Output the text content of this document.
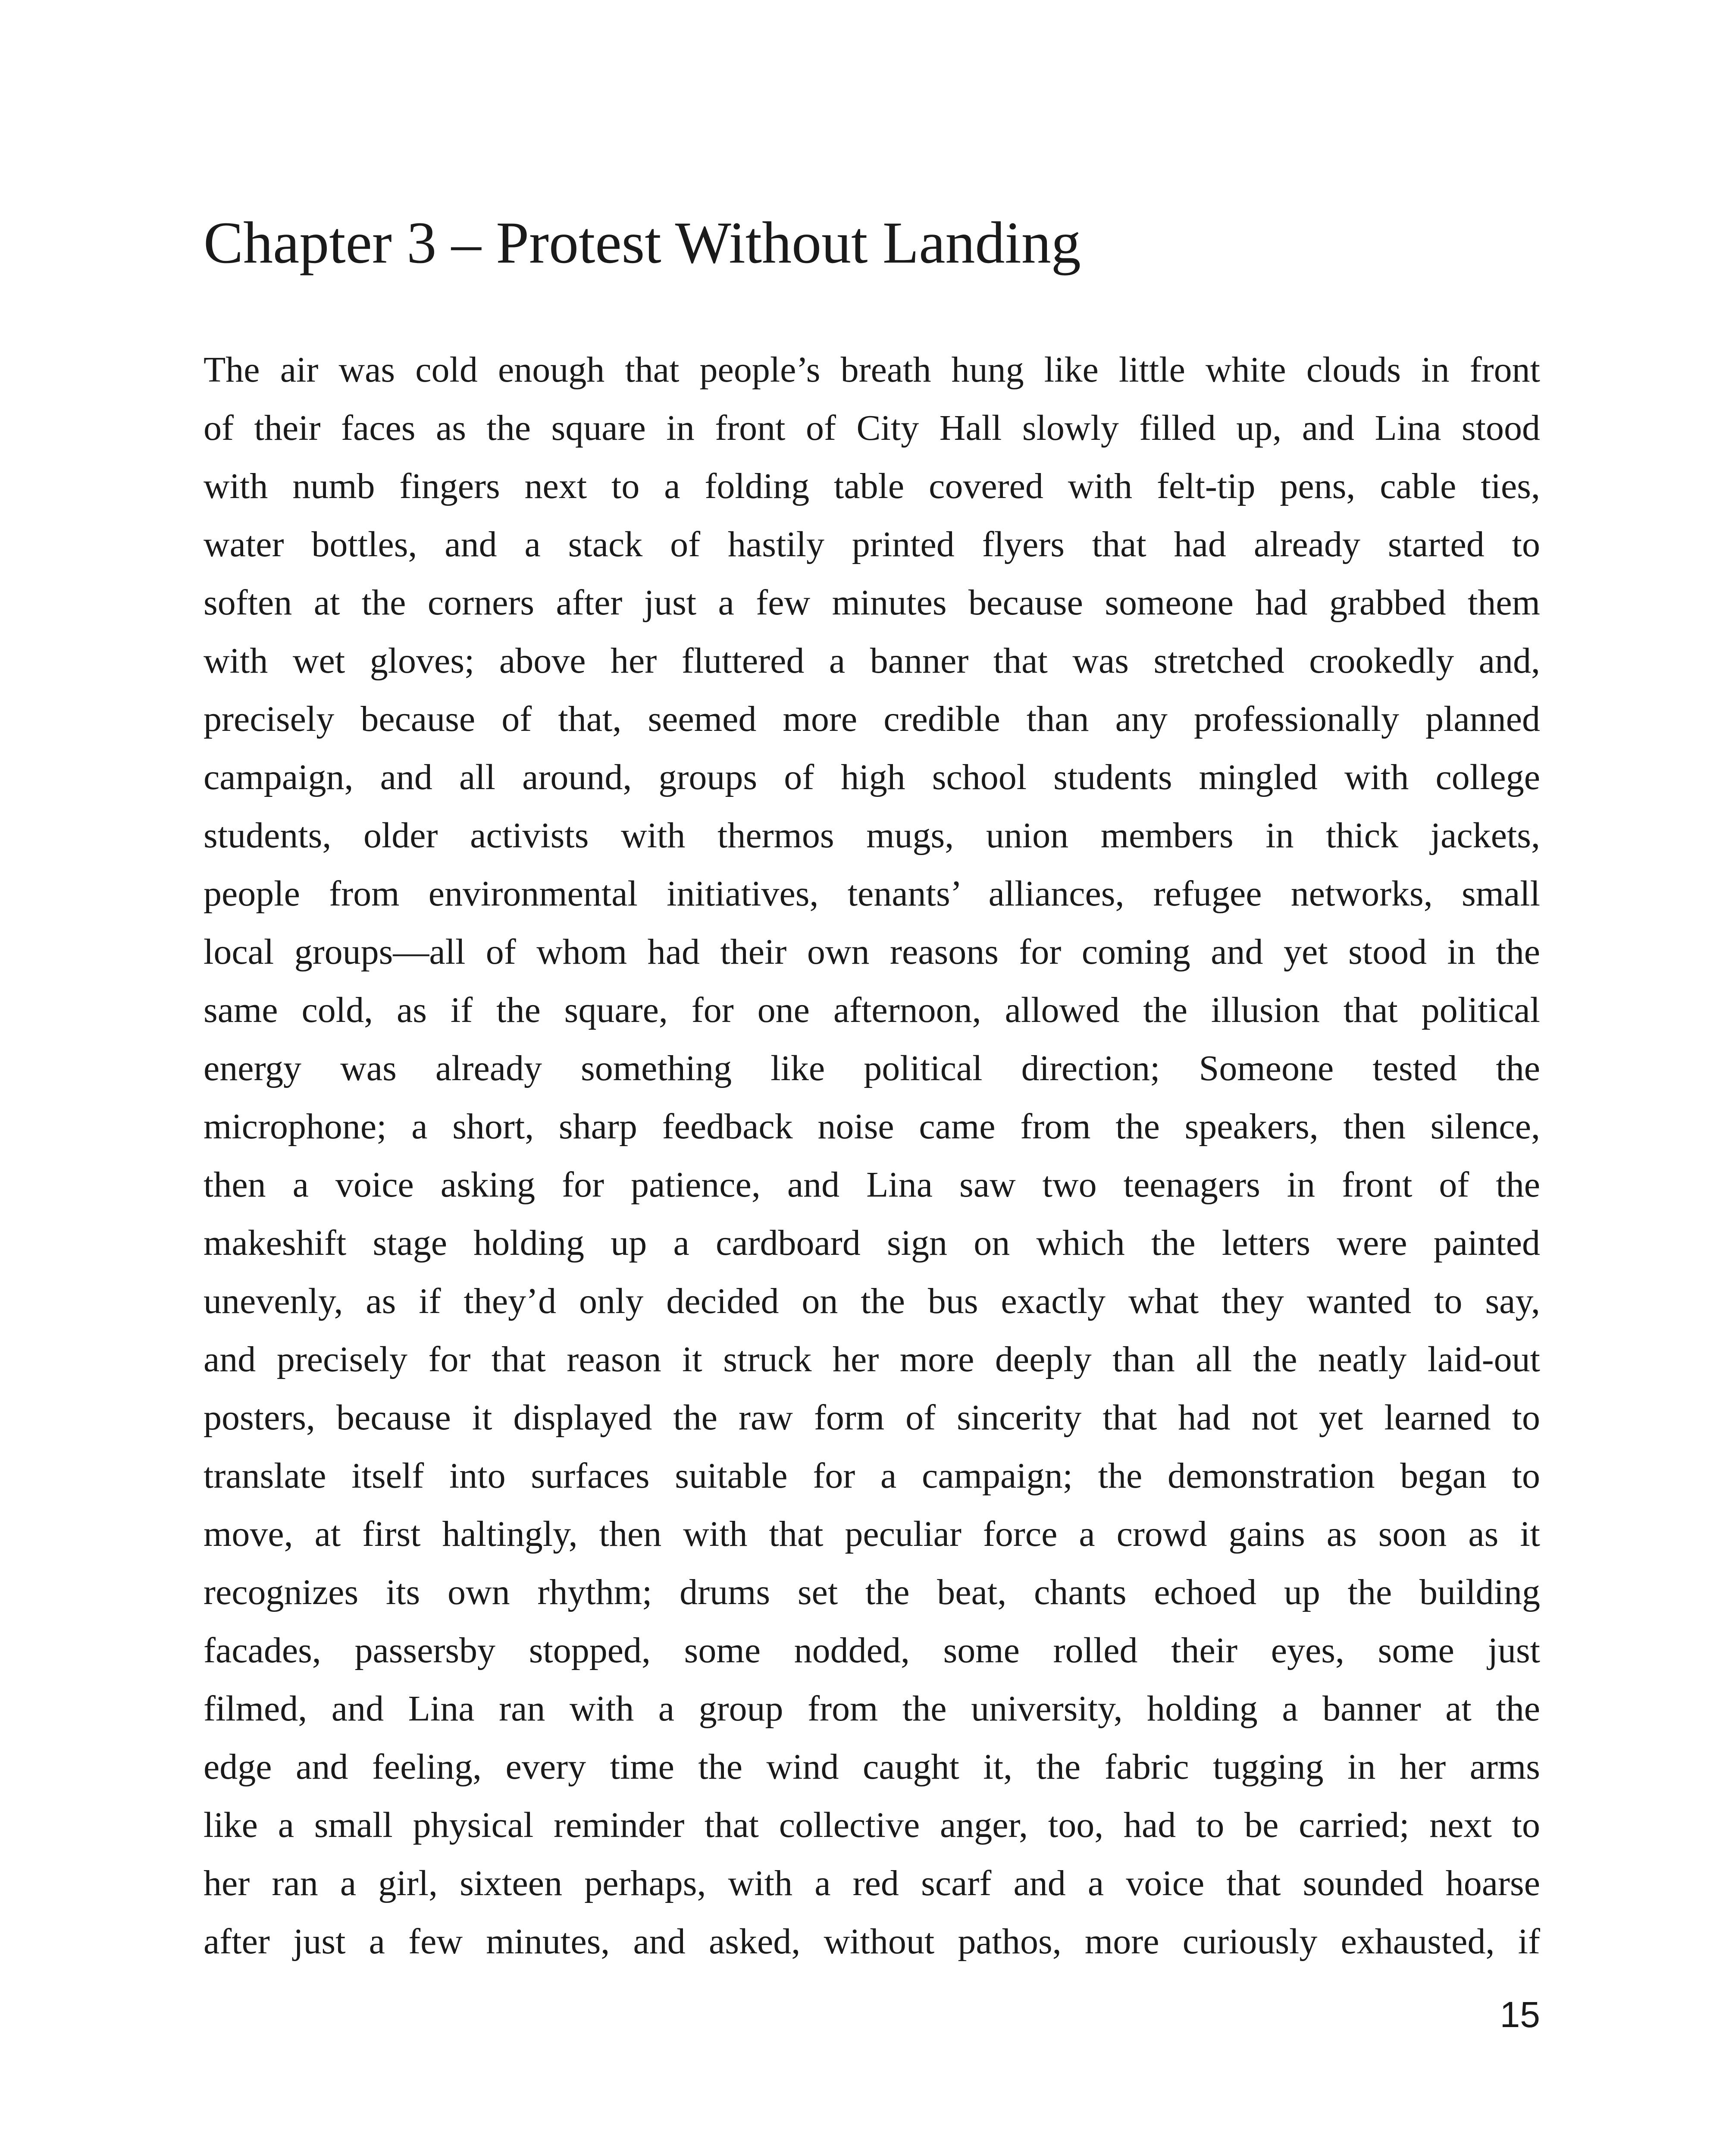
Chapter 3 – Protest Without Landing
The air was cold enough that people’s breath hung like little white clouds in front
of their faces as the square in front of City Hall slowly filled up, and Lina stood
with numb fingers next to a folding table covered with felt-tip pens, cable ties,
water bottles, and a stack of hastily printed flyers that had already started to
soften at the corners after just a few minutes because someone had grabbed them
with wet gloves; above her fluttered a banner that was stretched crookedly and,
precisely because of that, seemed more credible than any professionally planned
campaign, and all around, groups of high school students mingled with college
students, older activists with thermos mugs, union members in thick jackets,
people from environmental initiatives, tenants’ alliances, refugee networks, small
local groups—all of whom had their own reasons for coming and yet stood in the
same cold, as if the square, for one afternoon, allowed the illusion that political
energy was already something like political direction; Someone tested the
microphone; a short, sharp feedback noise came from the speakers, then silence,
then a voice asking for patience, and Lina saw two teenagers in front of the
makeshift stage holding up a cardboard sign on which the letters were painted
unevenly, as if they’d only decided on the bus exactly what they wanted to say,
and precisely for that reason it struck her more deeply than all the neatly laid-out
posters, because it displayed the raw form of sincerity that had not yet learned to
translate itself into surfaces suitable for a campaign; the demonstration began to
move, at first haltingly, then with that peculiar force a crowd gains as soon as it
recognizes its own rhythm; drums set the beat, chants echoed up the building
facades, passersby stopped, some nodded, some rolled their eyes, some just
filmed, and Lina ran with a group from the university, holding a banner at the
edge and feeling, every time the wind caught it, the fabric tugging in her arms
like a small physical reminder that collective anger, too, had to be carried; next to
her ran a girl, sixteen perhaps, with a red scarf and a voice that sounded hoarse
after just a few minutes, and asked, without pathos, more curiously exhausted, if
15
